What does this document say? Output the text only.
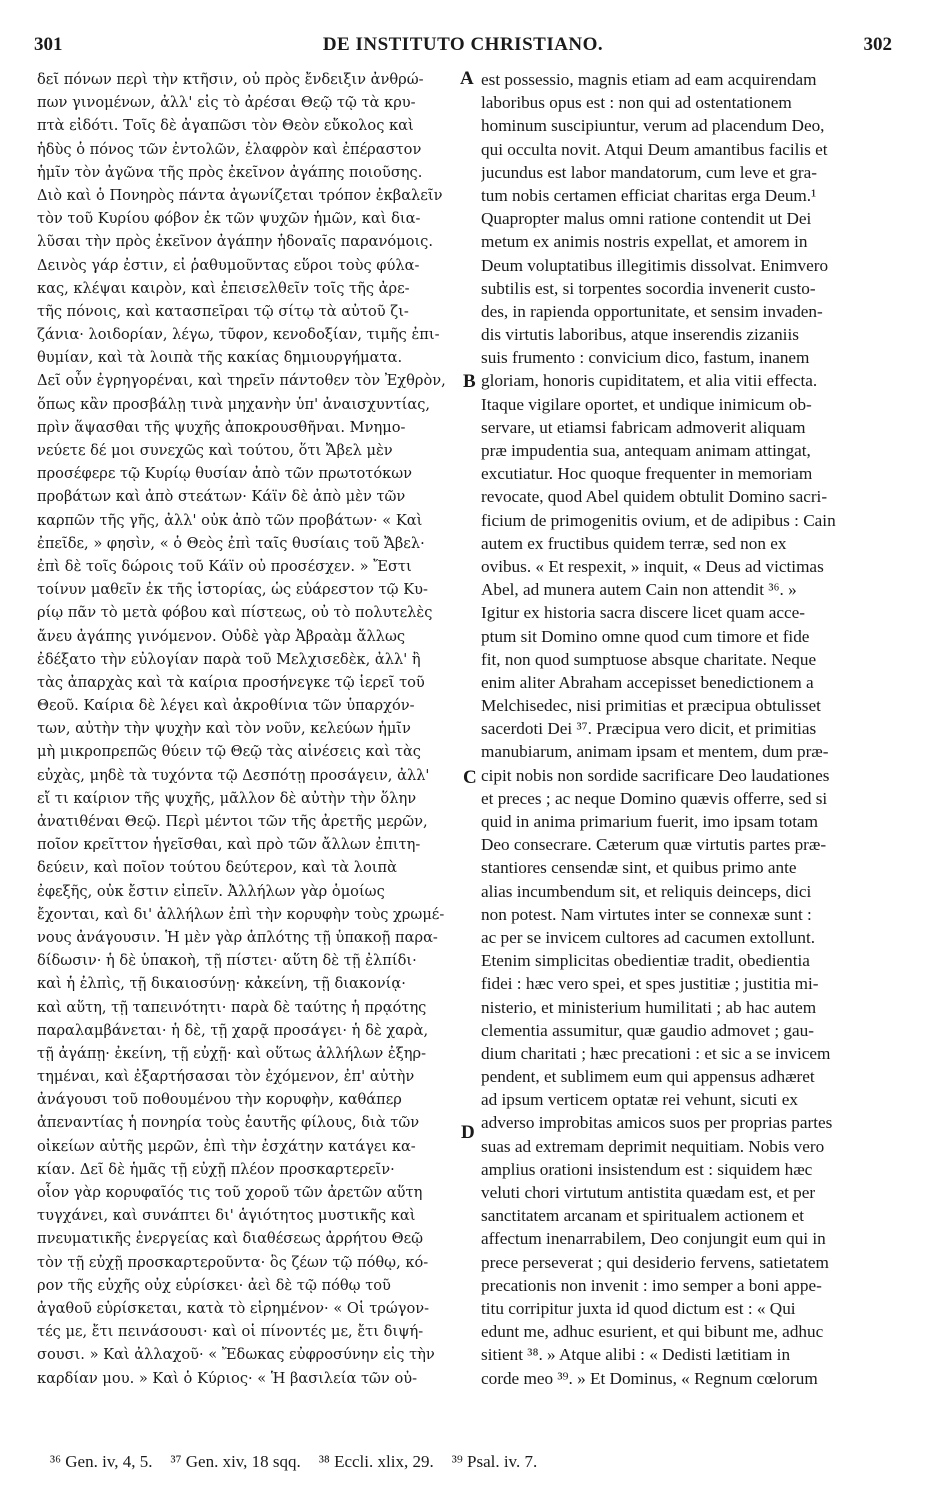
301	DE INSTITUTO CHRISTIANO.	302
δεῖ πόνων περὶ τὴν κτῆσιν, οὐ πρὸς ἔνδειξιν ἀνθρώ-
πων γινομένων, ἀλλ' εἰς τὸ ἀρέσαι Θεῷ τῷ τὰ κρυ-
πτὰ εἰδότι. Τοῖς δὲ ἀγαπῶσι τὸν Θεὸν εὔκολος καὶ
ἡδὺς ὁ πόνος τῶν ἐντολῶν, ἐλαφρὸν καὶ ἐπέραστον
ἡμῖν τὸν ἀγῶνα τῆς πρὸς ἐκεῖνον ἀγάπης ποιοῦσης.
Διὸ καὶ ὁ Πονηρὸς πάντα ἀγωνίζεται τρόπον ἐκβαλεῖν
τὸν τοῦ Κυρίου φόβον ἐκ τῶν ψυχῶν ἡμῶν, καὶ δια-
λῦσαι τὴν πρὸς ἐκεῖνον ἀγάπην ἡδοναῖς παρανόμοις.
Δεινὸς γάρ ἐστιν, εἰ ῥαθυμοῦντας εὕροι τοὺς φύλα-
κας, κλέψαι καιρὸν, καὶ ἐπεισελθεῖν τοῖς τῆς ἀρε-
τῆς πόνοις, καὶ κατασπεῖραι τῷ σίτῳ τὰ αὐτοῦ ζι-
ζάνια· λοιδορίαν, λέγω, τῦφον, κενοδοξίαν, τιμῆς ἐπι-
θυμίαν, καὶ τὰ λοιπὰ τῆς κακίας δημιουργήματα.
Δεῖ οὖν ἐγρηγορέναι, καὶ τηρεῖν πάντοθεν τὸν Ἐχθρὸν,
ὅπως κἂν προσβάλῃ τινὰ μηχανὴν ὑπ' ἀναισχυντίας,
πρὶν ἅψασθαι τῆς ψυχῆς ἀποκρουσθῆναι. Μνημο-
νεύετε δέ μοι συνεχῶς καὶ τούτου, ὅτι Ἄβελ μὲν
προσέφερε τῷ Κυρίῳ θυσίαν ἀπὸ τῶν πρωτοτόκων
προβάτων καὶ ἀπὸ στεάτων· Κάϊν δὲ ἀπὸ μὲν τῶν
καρπῶν τῆς γῆς, ἀλλ' οὐκ ἀπὸ τῶν προβάτων· « Καὶ
ἐπεῖδε, » φησὶν, « ὁ Θεὸς ἐπὶ ταῖς θυσίαις τοῦ Ἄβελ·
ἐπὶ δὲ τοῖς δώροις τοῦ Κάϊν οὐ προσέσχεν. » Ἔστι
τοίνυν μαθεῖν ἐκ τῆς ἱστορίας, ὡς εὐάρεστον τῷ Κυ-
ρίῳ πᾶν τὸ μετὰ φόβου καὶ πίστεως, οὐ τὸ πολυτελὲς
ἄνευ ἀγάπης γινόμενον. Οὐδὲ γὰρ Ἀβραὰμ ἄλλως
ἐδέξατο τὴν εὐλογίαν παρὰ τοῦ Μελχισεδὲκ, ἀλλ' ἢ
τὰς ἀπαρχὰς καὶ τὰ καίρια προσήνεγκε τῷ ἱερεῖ τοῦ
Θεοῦ. Καίρια δὲ λέγει καὶ ἀκροθίνια τῶν ὑπαρχόν-
των, αὐτὴν τὴν ψυχὴν καὶ τὸν νοῦν, κελεύων ἡμῖν
μὴ μικροπρεπῶς θύειν τῷ Θεῷ τὰς αἰνέσεις καὶ τὰς
εὐχὰς, μηδὲ τὰ τυχόντα τῷ Δεσπότῃ προσάγειν, ἀλλ'
εἴ τι καίριον τῆς ψυχῆς, μᾶλλον δὲ αὐτὴν τὴν ὅλην
ἀνατιθέναι Θεῷ. Περὶ μέντοι τῶν τῆς ἀρετῆς μερῶν,
ποῖον κρεῖττον ἡγεῖσθαι, καὶ πρὸ τῶν ἄλλων ἐπιτη-
δεύειν, καὶ ποῖον τούτου δεύτερον, καὶ τὰ λοιπὰ
ἐφεξῆς, οὐκ ἔστιν εἰπεῖν. Ἀλλήλων γὰρ ὁμοίως
ἔχονται, καὶ δι' ἀλλήλων ἐπὶ τὴν κορυφὴν τοὺς χρωμέ-
νους ἀνάγουσιν. Ἡ μὲν γὰρ ἁπλότης τῇ ὑπακοῇ παρα-
δίδωσιν· ἡ δὲ ὑπακοὴ, τῇ πίστει· αὕτη δὲ τῇ ἐλπίδι·
καὶ ἡ ἐλπὶς, τῇ δικαιοσύνῃ· κἀκείνη, τῇ διακονίᾳ·
καὶ αὕτη, τῇ ταπεινότητι· παρὰ δὲ ταύτης ἡ πρᾳότης
παραλαμβάνεται· ἡ δὲ, τῇ χαρᾷ προσάγει· ἡ δὲ χαρὰ,
τῇ ἀγάπῃ· ἐκείνη, τῇ εὐχῇ· καὶ οὕτως ἀλλήλων ἐξηρ-
τημέναι, καὶ ἐξαρτήσασαι τὸν ἐχόμενον, ἐπ' αὐτὴν
ἀνάγουσι τοῦ ποθουμένου τὴν κορυφὴν, καθάπερ
ἀπεναντίας ἡ πονηρία τοὺς ἑαυτῆς φίλους, διὰ τῶν
οἰκείων αὐτῆς μερῶν, ἐπὶ τὴν ἐσχάτην κατάγει κα-
κίαν. Δεῖ δὲ ἡμᾶς τῇ εὐχῇ πλέον προσκαρτερεῖν·
οἷον γὰρ κορυφαῖός τις τοῦ χοροῦ τῶν ἀρετῶν αὕτη
τυγχάνει, καὶ συνάπτει δι' ἁγιότητος μυστικῆς καὶ
πνευματικῆς ἐνεργείας καὶ διαθέσεως ἀρρήτου Θεῷ
τὸν τῇ εὐχῇ προσκαρτεροῦντα· ὃς ζέων τῷ πόθῳ, κό-
ρον τῆς εὐχῆς οὐχ εὑρίσκει· ἀεὶ δὲ τῷ πόθῳ τοῦ
ἀγαθοῦ εὑρίσκεται, κατὰ τὸ εἰρημένον· « Οἱ τρώγον-
τές με, ἔτι πεινάσουσι· καὶ οἱ πίνοντές με, ἔτι διψή-
σουσι. » Καὶ ἀλλαχοῦ· « Ἔδωκας εὐφροσύνην εἰς τὴν
καρδίαν μου. » Καὶ ὁ Κύριος· « Ἡ βασιλεία τῶν οὐ-
est possessio, magnis etiam ad eam acquirendam
laboribus opus est : non qui ad ostentationem
hominum suscipiuntur, verum ad placendum Deo,
qui occulta novit. Atqui Deum amantibus facilis et
jucundus est labor mandatorum, cum leve et gra-
tum nobis certamen efficiat charitas erga Deum.¹
Quapropter malus omni ratione contendit ut Dei
metum ex animis nostris expellat, et amorem in
Deum voluptatibus illegitimis dissolvat. Enimvero
subtilis est, si torpentes socordia invenerit custo-
des, in rapienda opportunitate, et sensim invaden-
dis virtutis laboribus, atque inserendis zizaniis
suis frumento : convicium dico, fastum, inanem
gloriam, honoris cupiditatem, et alia vitii effecta.
Itaque vigilare oportet, et undique inimicum ob-
servare, ut etiamsi fabricam admoverit aliquam
præ impudentia sua, antequam animam attingat,
excutiatur. Hoc quoque frequenter in memoriam
revocate, quod Abel quidem obtulit Domino sacri-
ficium de primogenitis ovium, et de adipibus : Cain
autem ex fructibus quidem terræ, sed non ex
ovibus. « Et respexit, » inquit, « Deus ad victimas
Abel, ad munera autem Cain non attendit ³⁶. »
Igitur ex historia sacra discere licet quam acce-
ptum sit Domino omne quod cum timore et fide
fit, non quod sumptuose absque charitate. Neque
enim aliter Abraham accepisset benedictionem a
Melchisedec, nisi primitias et præcipua obtulisset
sacerdoti Dei ³⁷. Præcipua vero dicit, et primitias
manubiarum, animam ipsam et mentem, dum præ-
cipit nobis non sordide sacrificare Deo laudationes
et preces ; ac neque Domino quævis offerre, sed si
quid in anima primarium fuerit, imo ipsam totam
Deo consecrare. Cæterum quæ virtutis partes præ-
stantiores censendæ sint, et quibus primo ante
alias incumbendum sit, et reliquis deinceps, dici
non potest. Nam virtutes inter se connexæ sunt :
ac per se invicem cultores ad cacumen extollunt.
Etenim simplicitas obedientiæ tradit, obedientia
fidei : hæc vero spei, et spes justitiæ ; justitia mi-
nisterio, et ministerium humilitati ; ab hac autem
clementia assumitur, quæ gaudio admovet ; gau-
dium charitati ; hæc precationi : et sic a se invicem
pendent, et sublimem eum qui appensus adhæret
ad ipsum verticem optatæ rei vehunt, sicuti ex
adverso improbitas amicos suos per proprias partes
suas ad extremam deprimit nequitiam. Nobis vero
amplius orationi insistendum est : siquidem hæc
veluti chori virtutum antistita quædam est, et per
sanctitatem arcanam et spiritualem actionem et
affectum inenarrabilem, Deo conjungit eum qui in
prece perseverat ; qui desiderio fervens, satietatem
precationis non invenit : imo semper a boni appe-
titu corripitur juxta id quod dictum est : « Qui
edunt me, adhuc esurient, et qui bibunt me, adhuc
sitient ³⁸. » Atque alibi : « Dedisti lætitiam in
corde meo ³⁹. » Et Dominus, « Regnum cœlorum
A
B
C
D
³⁶ Gen. iv, 4, 5. ³⁷ Gen. xiv, 18 sqq. ³⁸ Eccli. xlix, 29. ³⁹ Psal. iv. 7.
